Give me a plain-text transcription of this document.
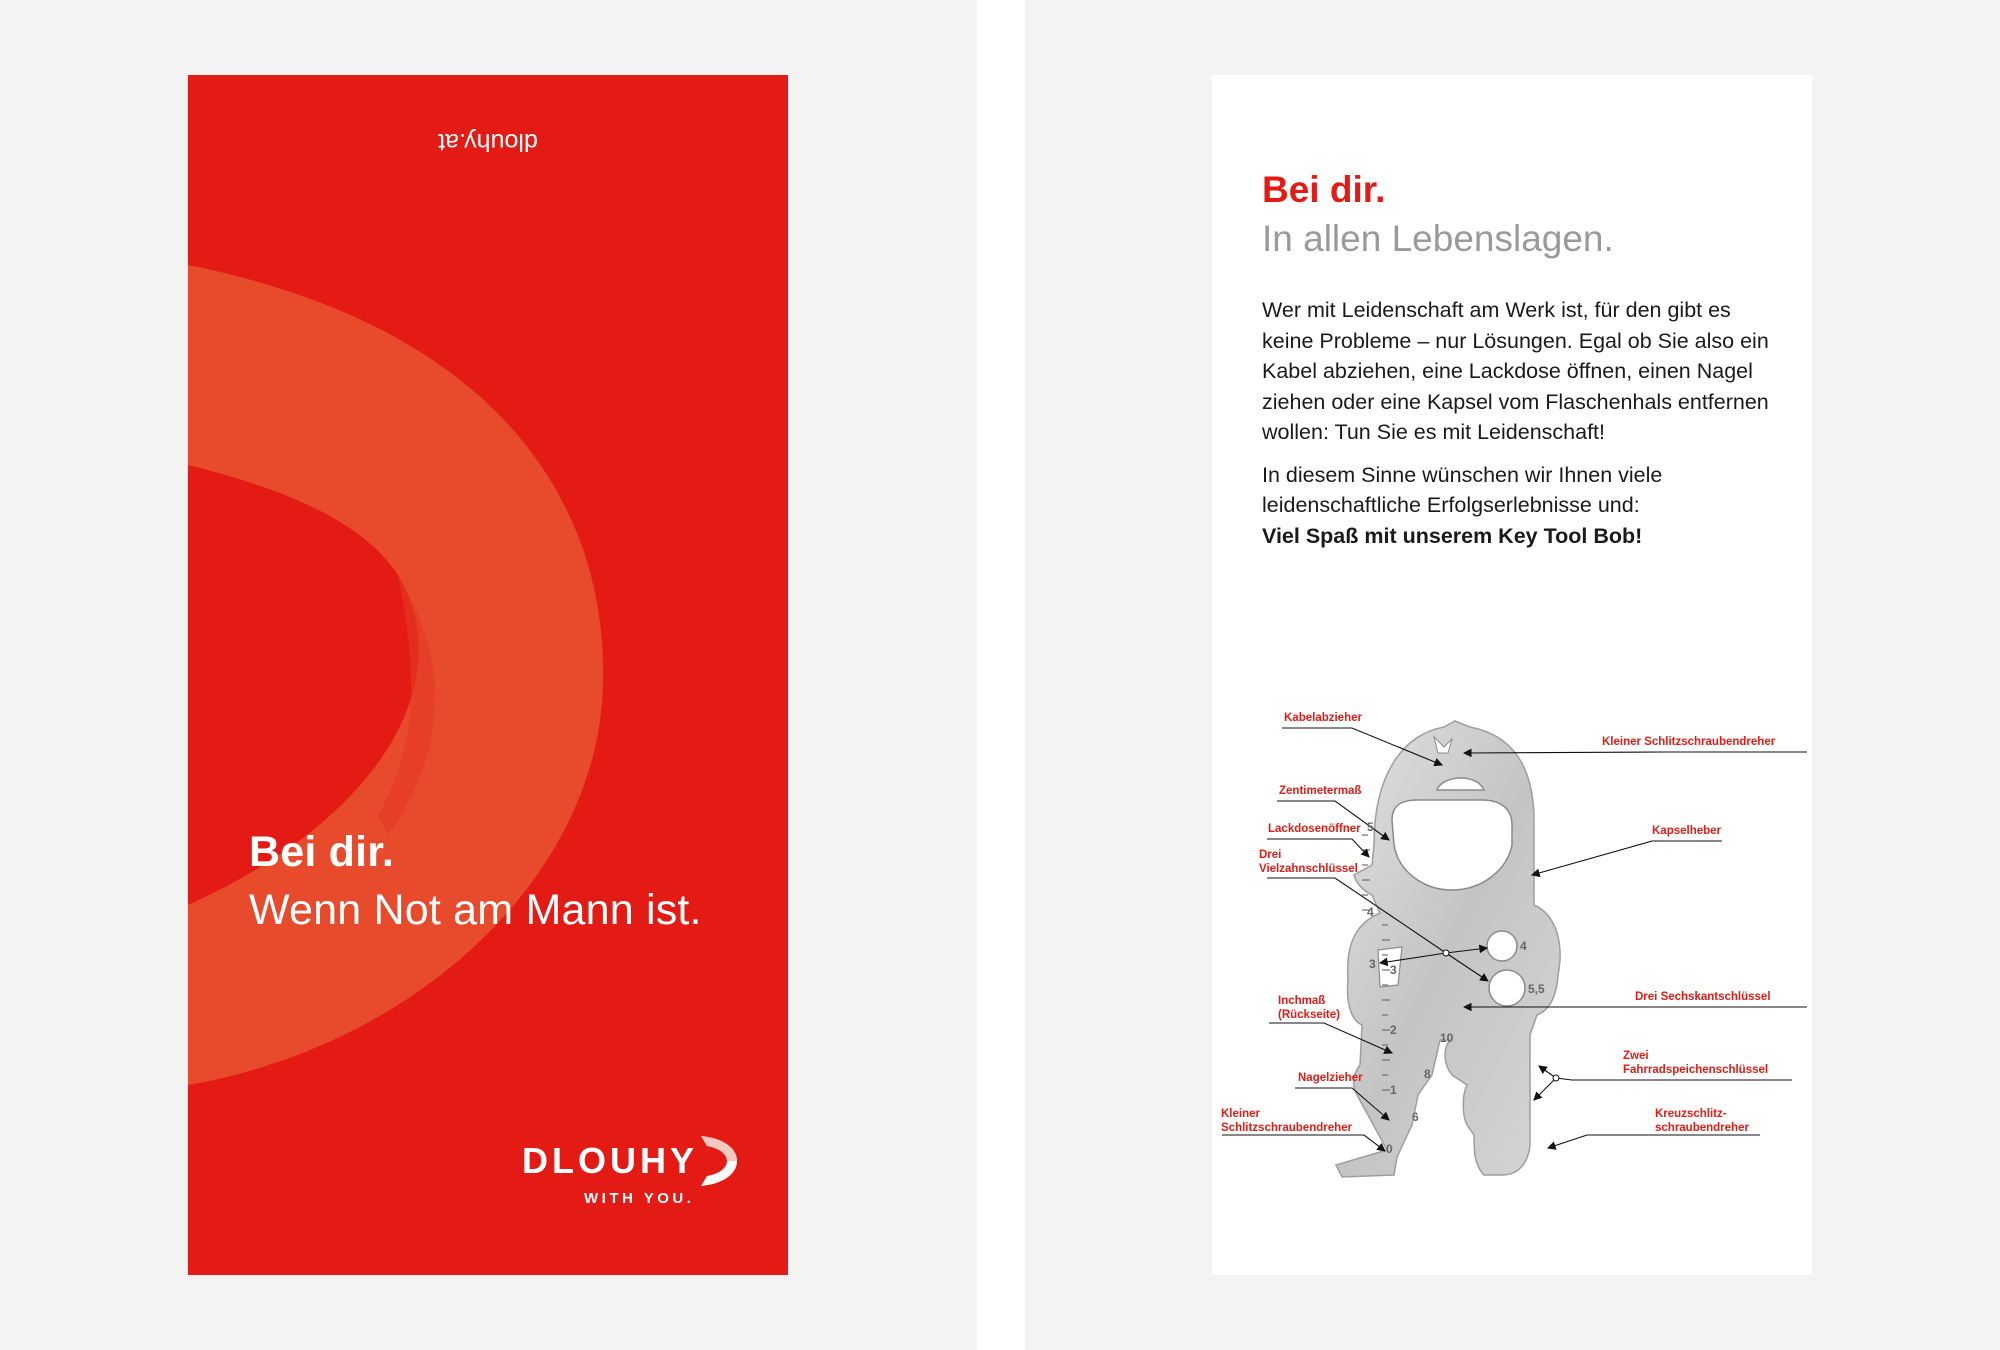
dlouhy.at
Bei dir.
Wenn Not am Mann ist.
DLOUHY
WITH YOU.
Bei dir.
In allen Lebenslagen.

Wer mit Leidenschaft am Werk ist, für den gibt es keine Probleme – nur Lösungen. Egal ob Sie also ein Kabel abziehen, eine Lackdose öffnen, einen Nagel ziehen oder eine Kapsel vom Flaschenhals entfernen wollen: Tun Sie es mit Leidenschaft!

In diesem Sinne wünschen wir Ihnen viele leidenschaftliche Erfolgserlebnisse und:
Viel Spaß mit unserem Key Tool Bob!

5
4
3
2
1
0
3
4
5,5
10
8
6
Kabelabzieher
Kleiner Schlitzschraubendreher
Zentimetermaß
Kapselheber
Lackdosenöffner
Drei
Vielzahnschlüssel
Drei Sechskantschlüssel
Inchmaß
(Rückseite)
Zwei
Fahrradspeichenschlüssel
Nagelzieher
Kreuzschlitz-
schraubendreher
Kleiner
Schlitzschraubendreher
